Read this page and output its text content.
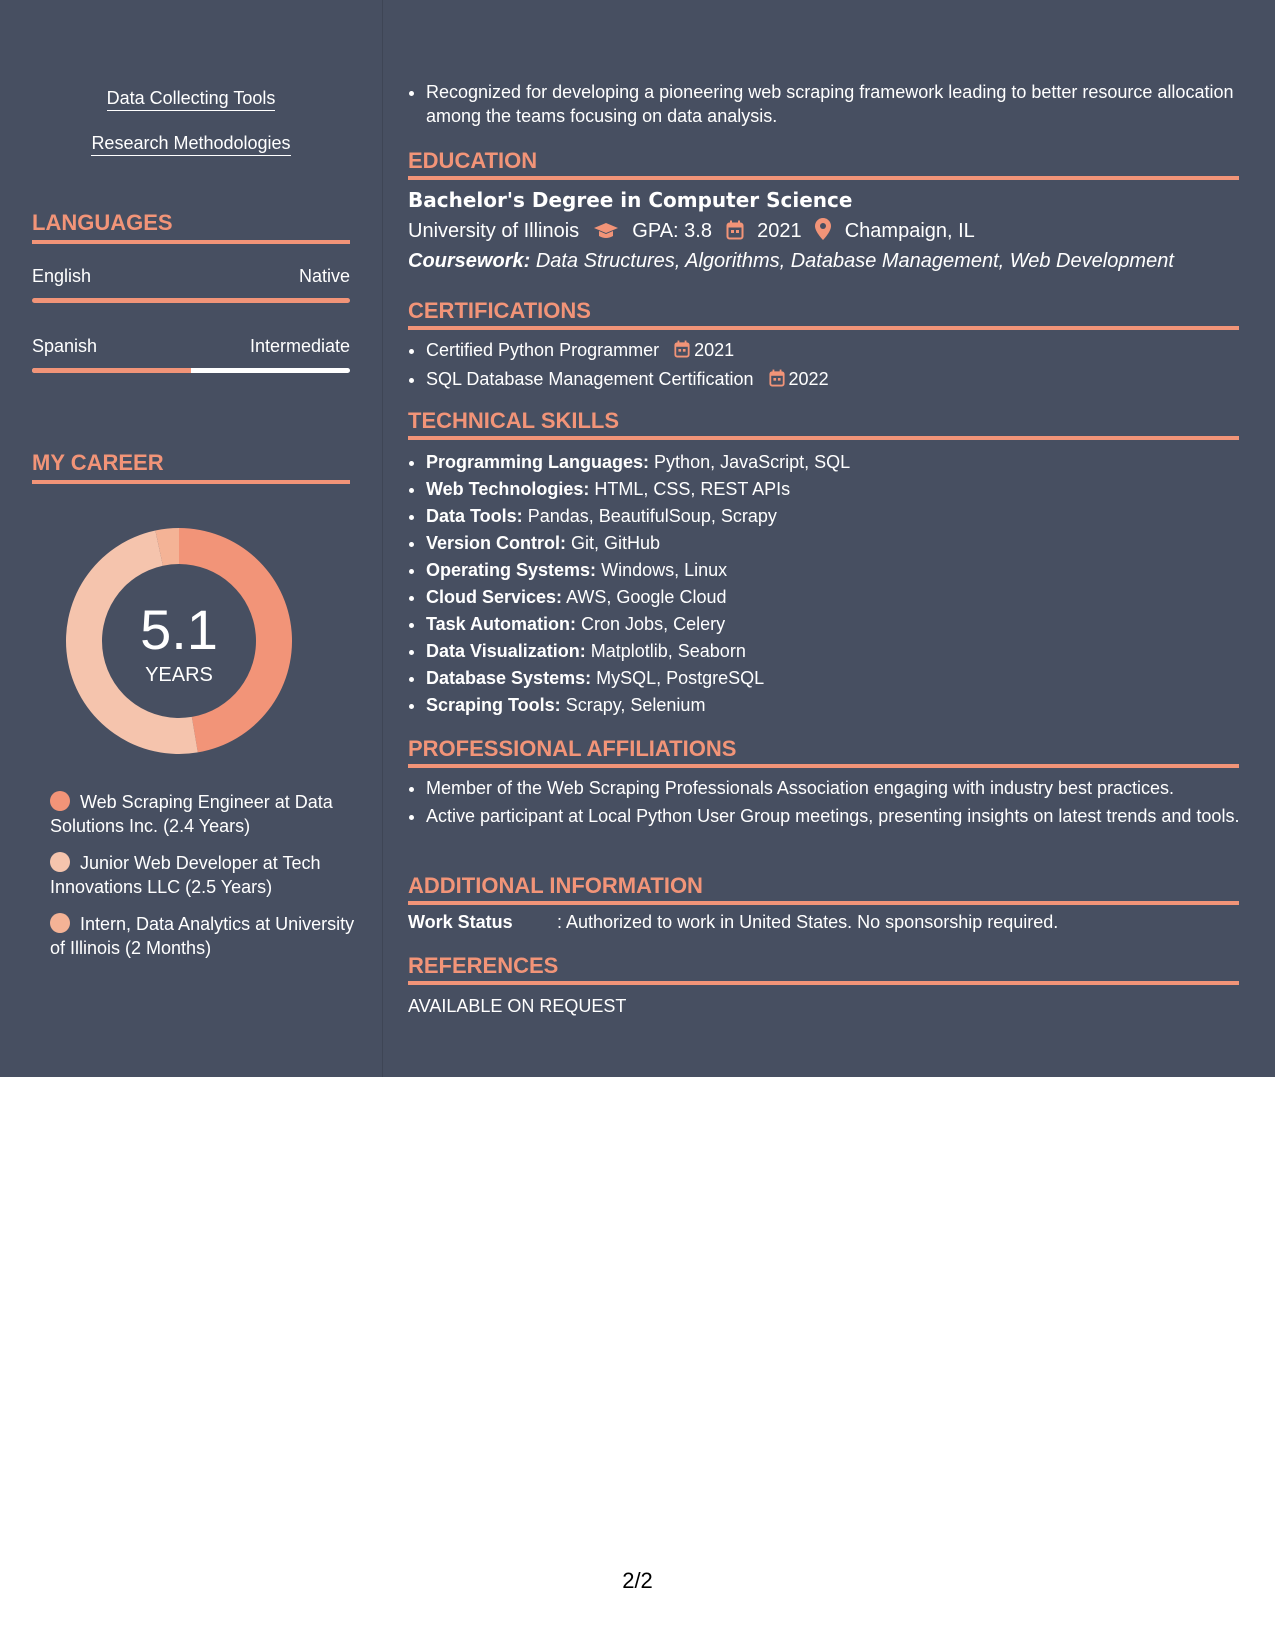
Data Collecting Tools
Research Methodologies
LANGUAGES
English	Native
Spanish	Intermediate
MY CAREER
5.1
YEARS
Web Scraping Engineer at Data Solutions Inc. (2.4 Years)
Junior Web Developer at Tech Innovations LLC (2.5 Years)
Intern, Data Analytics at University of Illinois (2 Months)
• Recognized for developing a pioneering web scraping framework leading to better resource allocation among the teams focusing on data analysis.
EDUCATION
Bachelor's Degree in Computer Science
University of Illinois	GPA: 3.8 2021 Champaign, IL
Coursework: Data Structures, Algorithms, Database Management, Web Development
CERTIFICATIONS
• Certified Python Programmer 2021
• SQL Database Management Certification 2022
TECHNICAL SKILLS
• Programming Languages: Python, JavaScript, SQL
• Web Technologies: HTML, CSS, REST APIs
• Data Tools: Pandas, BeautifulSoup, Scrapy
• Version Control: Git, GitHub
• Operating Systems: Windows, Linux
• Cloud Services: AWS, Google Cloud
• Task Automation: Cron Jobs, Celery
• Data Visualization: Matplotlib, Seaborn
• Database Systems: MySQL, PostgreSQL
• Scraping Tools: Scrapy, Selenium
PROFESSIONAL AFFILIATIONS
• Member of the Web Scraping Professionals Association engaging with industry best practices.
• Active participant at Local Python User Group meetings, presenting insights on latest trends and tools.
ADDITIONAL INFORMATION
Work Status : Authorized to work in United States. No sponsorship required.
REFERENCES
AVAILABLE ON REQUEST
2/2
